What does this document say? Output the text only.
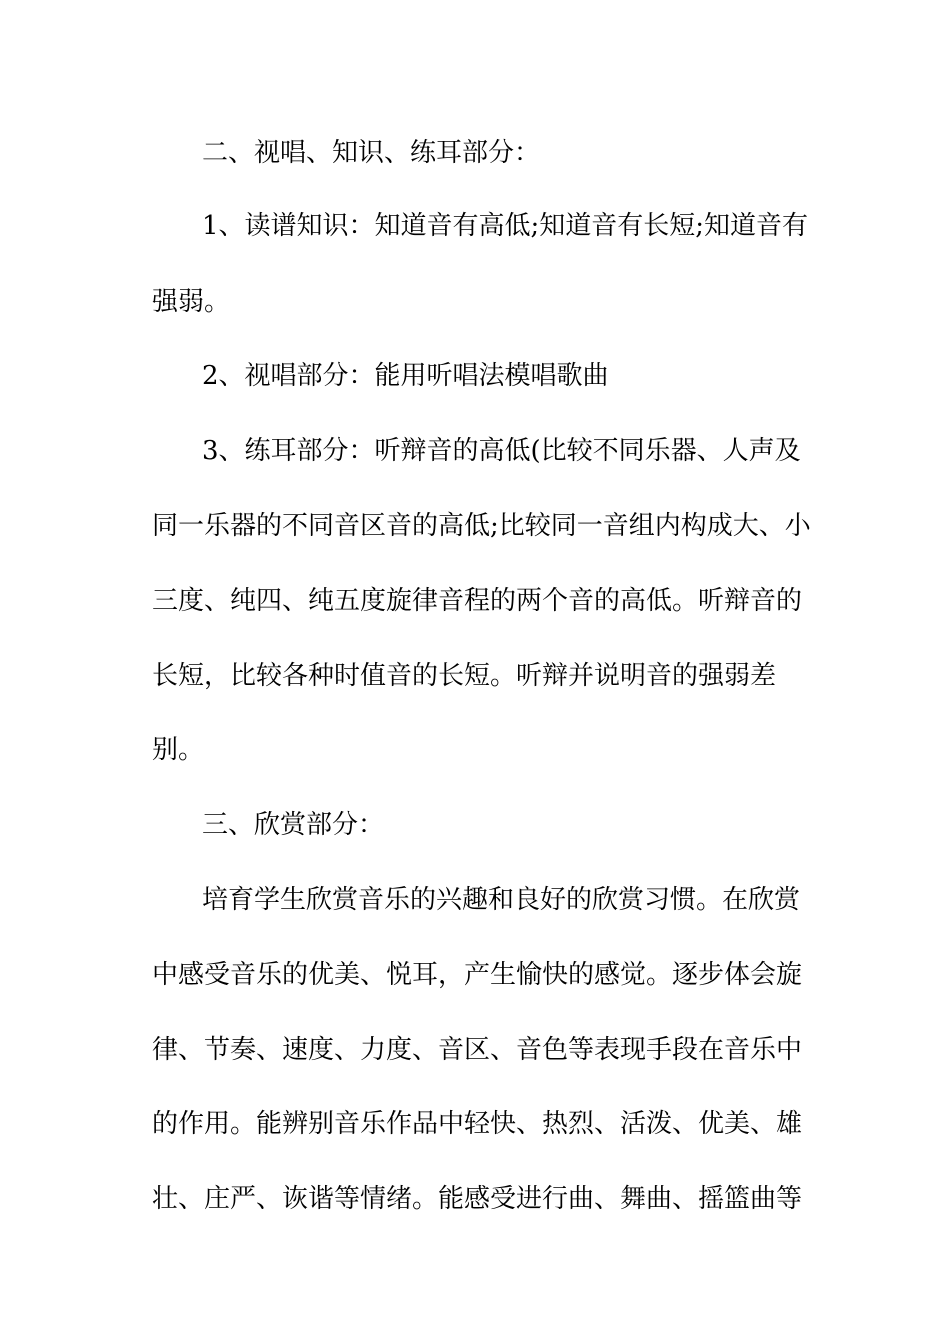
二、视唱、知识、练耳部分：
1、读谱知识：知道音有高低;知道音有长短;知道音有
强弱。
2、视唱部分：能用听唱法模唱歌曲
3、练耳部分：听辩音的高低(比较不同乐器、人声及
同一乐器的不同音区音的高低;比较同一音组内构成大、小
三度、纯四、纯五度旋律音程的两个音的高低。听辩音的
长短，比较各种时值音的长短。听辩并说明音的强弱差
别。
三、欣赏部分：
培育学生欣赏音乐的兴趣和良好的欣赏习惯。在欣赏
中感受音乐的优美、悦耳，产生愉快的感觉。逐步体会旋
律、节奏、速度、力度、音区、音色等表现手段在音乐中
的作用。能辨别音乐作品中轻快、热烈、活泼、优美、雄
壮、庄严、诙谐等情绪。能感受进行曲、舞曲、摇篮曲等
